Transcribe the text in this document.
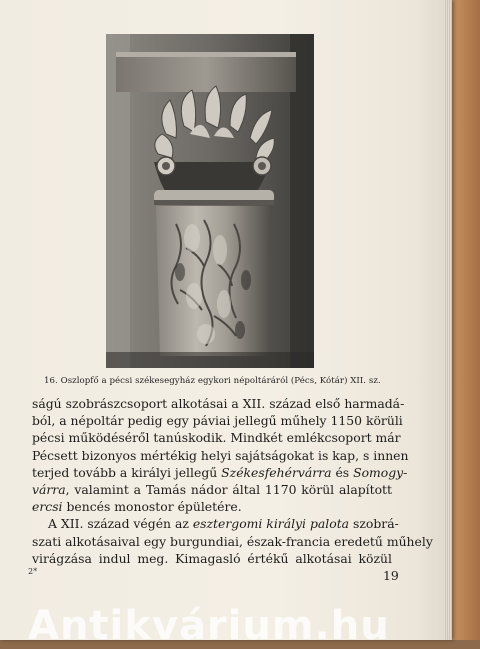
16. Oszlopfő a pécsi székesegyház egykori népoltáráról (Pécs, Kótár) XII. sz.
ságú szobrászcsoport alkotásai a XII. század első harmadá-
ból, a népoltár pedig egy páviai jellegű műhely 1150 körüli
pécsi működéséről tanúskodik. Mindkét emlékcsoport már
Pécsett bizonyos mértékig helyi sajátságokat is kap, s innen
terjed tovább a királyi jellegű Székesfehérvárra és Somogy-
várra, valamint a Tamás nádor által 1170 körül alapított
ercsi bencés monostor épületére.
A XII. század végén az esztergomi királyi palota szobrá-
szati alkotásaival egy burgundiai, észak-francia eredetű műhely
virágzása indul meg. Kimagasló értékű alkotásai közül
2*	19
Antikvárium.hu
